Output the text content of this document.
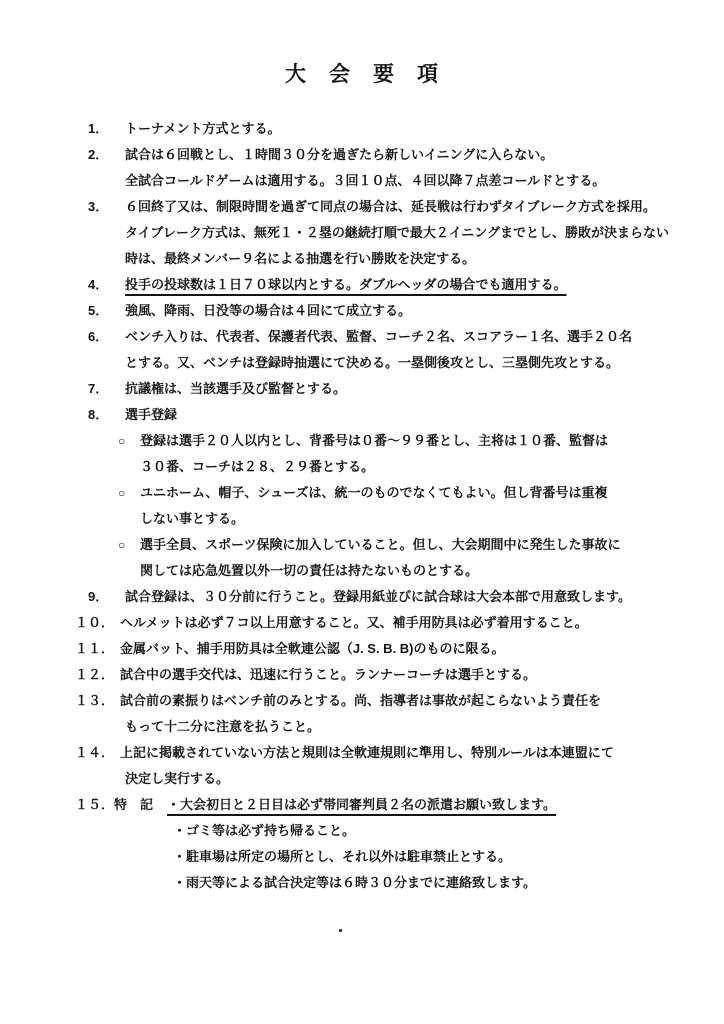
大　会　要　項
1．	トーナメント方式とする。
2．	試合は６回戦とし、１時間３０分を過ぎたら新しいイニングに入らない。
全試合コールドゲームは適用する。３回１０点、４回以降７点差コールドとする。
3．	６回終了又は、制限時間を過ぎて同点の場合は、延長戦は行わずタイブレーク方式を採用。
タイブレーク方式は、無死１・２塁の継続打順で最大２イニングまでとし、勝敗が決まらない
時は、最終メンバー９名による抽選を行い勝敗を決定する。
4．	投手の投球数は１日７０球以内とする。ダブルヘッダの場合でも適用する。
5．	強風、降雨、日没等の場合は４回にて成立する。
6．	ベンチ入りは、代表者、保護者代表、監督、コーチ２名、スコアラー１名、選手２０名
とする。又、ベンチは登録時抽選にて決める。一塁側後攻とし、三塁側先攻とする。
7．	抗議権は、当該選手及び監督とする。
8．	選手登録
○	登録は選手２０人以内とし、背番号は０番～９９番とし、主将は１０番、監督は
３０番、コーチは２８、２９番とする。
○	ユニホーム、帽子、シューズは、統一のものでなくてもよい。但し背番号は重複
しない事とする。
○	選手全員、スポーツ保険に加入していること。但し、大会期間中に発生した事故に
関しては応急処置以外一切の責任は持たないものとする。
9．	試合登録は、３０分前に行うこと。登録用紙並びに試合球は大会本部で用意致します。
１０． ヘルメットは必ず７コ以上用意すること。又、補手用防具は必ず着用すること。
１１． 金属バット、捕手用防具は全軟連公認（J. S. B. B)のものに限る。
１２． 試合中の選手交代は、迅速に行うこと。ランナーコーチは選手とする。
１３． 試合前の素振りはベンチ前のみとする。尚、指導者は事故が起こらないよう責任を
もって十二分に注意を払うこと。
１４． 上記に掲載されていない方法と規則は全軟連規則に準用し、特別ルールは本連盟にて
決定し実行する。
１５．特　記 ・大会初日と２日目は必ず帯同審判員２名の派遣お願い致します。
・ゴミ等は必ず持ち帰ること。
・駐車場は所定の場所とし、それ以外は駐車禁止とする。
・雨天等による試合決定等は６時３０分までに連絡致します。
